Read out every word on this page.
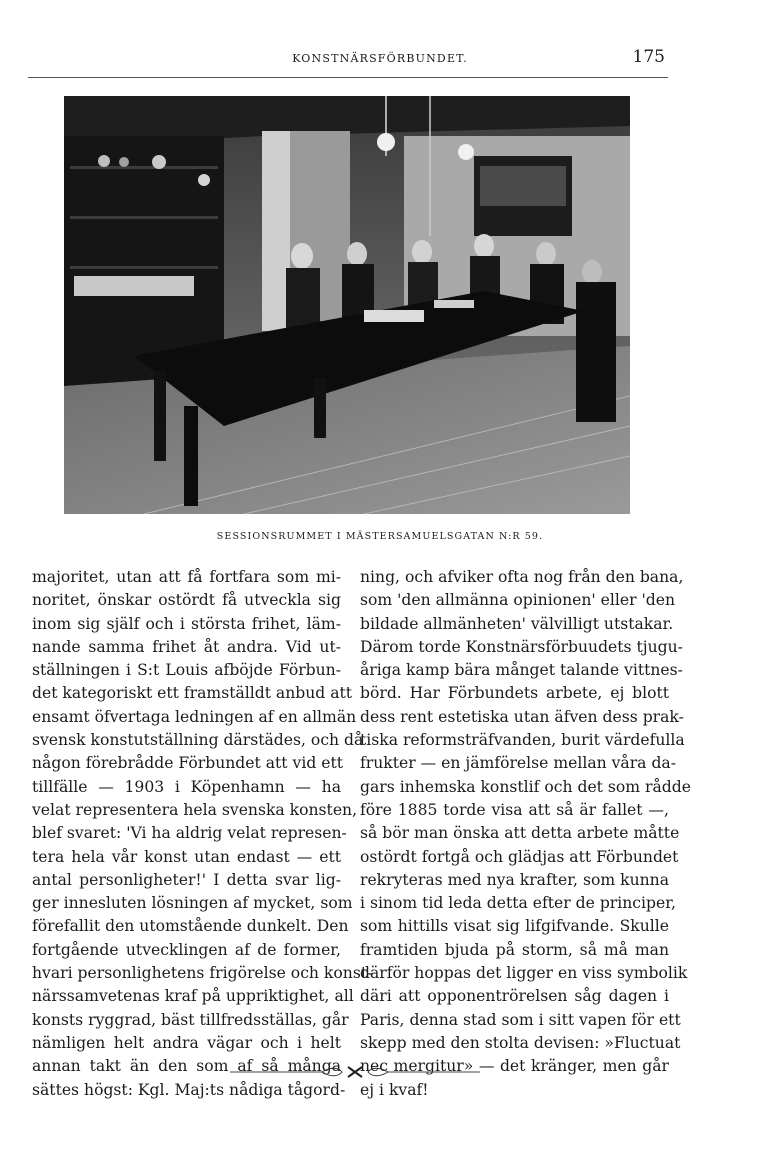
KONSTNÄRSFÖRBUNDET.	175
SESSIONSRUMMET I MÄSTERSAMUELSGATAN N:R 59.
majoritet, utan att få fortfara som mi-
noritet, önskar ostördt få utveckla sig
inom sig själf och i största frihet, läm-
nande samma frihet åt andra. Vid ut-
ställningen i S:t Louis afböjde Förbun-
det kategoriskt ett framställdt anbud att
ensamt öfvertaga ledningen af en allmän
svensk konstutställning därstädes, och då
någon förebrådde Förbundet att vid ett
tillfälle — 1903 i Köpenhamn — ha
velat representera hela svenska konsten,
blef svaret: 'Vi ha aldrig velat represen-
tera hela vår konst utan endast — ett
antal personligheter!' I detta svar lig-
ger innesluten lösningen af mycket, som
förefallit den utomstående dunkelt. Den
fortgående utvecklingen af de former,
hvari personlighetens frigörelse och konst-
närssamvetenas kraf på uppriktighet, all
konsts ryggrad, bäst tillfredsställas, går
nämligen helt andra vägar och i helt
annan takt än den som af så många
sättes högst: Kgl. Maj:ts nådiga tågord-
ning, och afviker ofta nog från den bana,
som 'den allmänna opinionen' eller 'den
bildade allmänheten' välvilligt utstakar.
Därom torde Konstnärsförbuudets tjugu-
åriga kamp bära månget talande vittnes-
börd. Har Förbundets arbete, ej blott
dess rent estetiska utan äfven dess prak-
tiska reformsträfvanden, burit värdefulla
frukter — en jämförelse mellan våra da-
gars inhemska konstlif och det som rådde
före 1885 torde visa att så är fallet —,
så bör man önska att detta arbete måtte
ostördt fortgå och glädjas att Förbundet
rekryteras med nya krafter, som kunna
i sinom tid leda detta efter de principer,
som hittills visat sig lifgifvande. Skulle
framtiden bjuda på storm, så må man
därför hoppas det ligger en viss symbolik
däri att opponentrörelsen såg dagen i
Paris, denna stad som i sitt vapen för ett
skepp med den stolta devisen: »Fluctuat
nec mergitur» — det kränger, men går
ej i kvaf!
